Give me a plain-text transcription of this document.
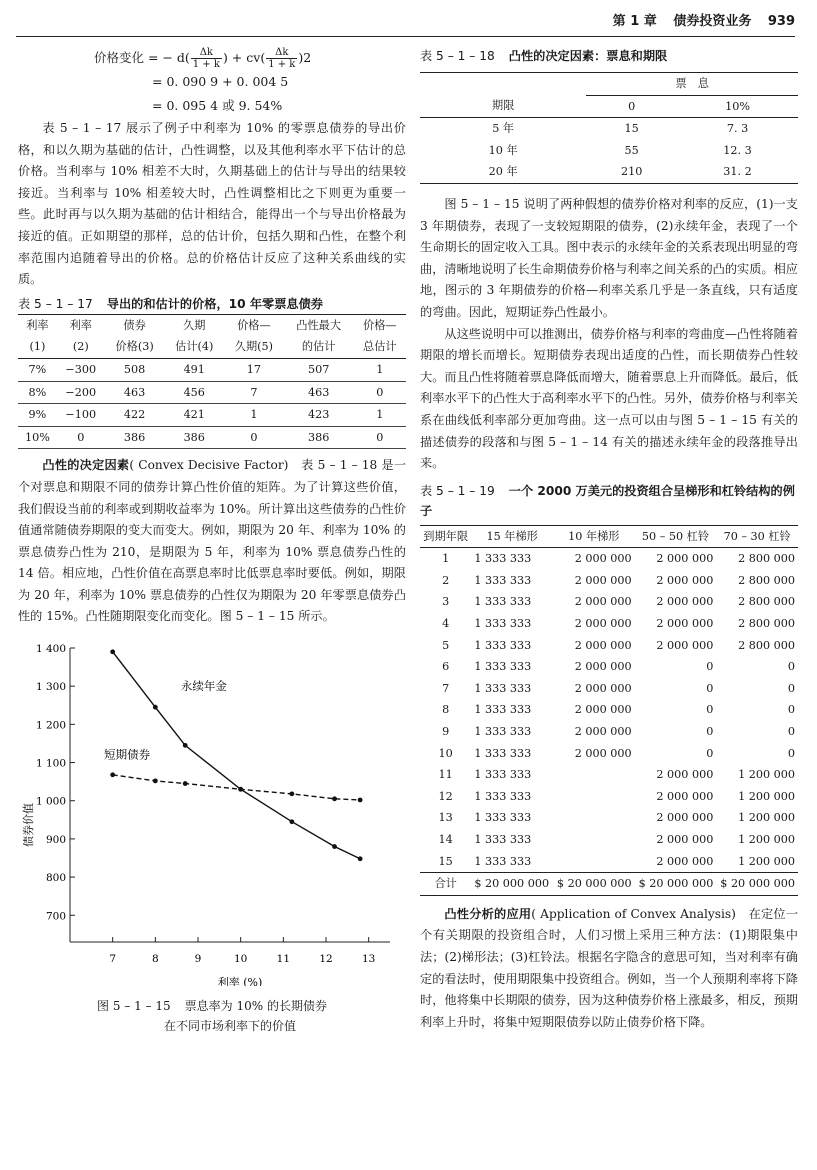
第 1 章 债券投资业务 939
价格变化 = − $d( \frac{\Delta k}{1 + k}$ ) + $cv( \frac{\Delta k}{1 + k} )2$
= 0. 090 9 + 0. 004 5
= 0. 095 4 或 9. 54%

表 5 – 1 – 17 展示了例子中利率为 10% 的零票息债券的导出价格，和以久期为基础的估计，凸性调整，以及其他利率水平下估计的总价格。当利率与 10% 相差不大时，久期基础上的估计与导出的结果较接近。当利率与 10% 相差较大时，凸性调整相比之下则更为重要一些。此时再与以久期为基础的估计相结合，能得出一个与导出价格最为接近的值。正如期望的那样，总的估计价，包括久期和凸性，在整个利率范围内追随着导出的价格。总的价格估计反应了这种关系曲线的实质。

表 5 – 1 – 17 导出的和估计的价格，10 年零票息债券
利率	利率	债券	久期	价格—	凸性最大	价格—
(1)	(2)	价格(3)	估计(4)	久期(5)	的估计	总估计
7%	−300	508	491	17	507	1
8%	−200	463	456	7	463	0
9%	−100	422	421	1	423	1
10%	0	386	386	0	386	0

凸性的决定因素( Convex Decisive Factor)　表 5 – 1 – 18 是一个对票息和期限不同的债券计算凸性价值的矩阵。为了计算这些价值，我们假设当前的利率或到期收益率为 10%。所计算出这些债券的凸性价值通常随债券期限的变大而变大。例如，期限为 20 年、利率为 10% 的票息债券凸性为 210，是期限为 5 年，利率为 10% 票息债券凸性的 14 倍。相应地，凸性价值在高票息率时比低票息率时要低。例如，期限为 20 年，利率为 10% 票息债券的凸性仅为期限为 20 年零票息债券凸性的 15%。凸性随期限变化而变化。图 5 – 1 – 15 所示。

700
800
900
1 000
1 100
1 200
1 300
1 400
7	8	9	10	11	12	13
利率 (%)
债券价值
永续年金
短期债券
图 5 – 1 – 15 票息率为 10% 的长期债券
在不同市场利率下的价值
表 5 – 1 – 18 凸性的决定因素：票息和期限
	票　息	
期限	0	10%
5 年	15	7. 3
10 年	55	12. 3
20 年	210	31. 2

图 5 – 1 – 15 说明了两种假想的债券价格对利率的反应，(1)一支 3 年期债券，表现了一支较短期限的债券，(2)永续年金，表现了一个生命期长的固定收入工具。图中表示的永续年金的关系表现出明显的弯曲，清晰地说明了长生命期债券价格与利率之间关系的凸的实质。相应地，图示的 3 年期债券的价格—利率关系几乎是一条直线，只有适度的弯曲。因此，短期证券凸性最小。

从这些说明中可以推测出，债券价格与利率的弯曲度—凸性将随着期限的增长而增长。短期债券表现出适度的凸性，而长期债券凸性较大。而且凸性将随着票息降低而增大，随着票息上升而降低。最后，低利率水平下的凸性大于高利率水平下的凸性。另外，债券价格与利率关系在曲线低利率部分更加弯曲。这一点可以由与图 5 – 1 – 15 有关的描述债券的段落和与图 5 – 1 – 14 有关的描述永续年金的段落推导出来。

表 5 – 1 – 19 一个 2000 万美元的投资组合呈梯形和杠铃结构的例子
到期年限	15 年梯形	10 年梯形	50 – 50 杠铃	70 – 30 杠铃
1	1 333 333	2 000 000	2 000 000	2 800 000
2	1 333 333	2 000 000	2 000 000	2 800 000
3	1 333 333	2 000 000	2 000 000	2 800 000
4	1 333 333	2 000 000	2 000 000	2 800 000
5	1 333 333	2 000 000	2 000 000	2 800 000
6	1 333 333	2 000 000	0	0
7	1 333 333	2 000 000	0	0
8	1 333 333	2 000 000	0	0
9	1 333 333	2 000 000	0	0
10	1 333 333	2 000 000	0	0
11	1 333 333		2 000 000	1 200 000
12	1 333 333		2 000 000	1 200 000
13	1 333 333		2 000 000	1 200 000
14	1 333 333		2 000 000	1 200 000
15	1 333 333		2 000 000	1 200 000
合计	$ 20 000 000	$ 20 000 000	$ 20 000 000	$ 20 000 000

凸性分析的应用( Application of Convex Analysis)　在定位一个有关期限的投资组合时，人们习惯上采用三种方法：(1)期限集中法；(2)梯形法；(3)杠铃法。根据名字隐含的意思可知，当对利率有确定的看法时，使用期限集中投资组合。例如，当一个人预期利率将下降时，他将集中长期限的债券，因为这种债券价格上涨最多，相反，预期利率上升时，将集中短期限债券以防止债券价格下降。
